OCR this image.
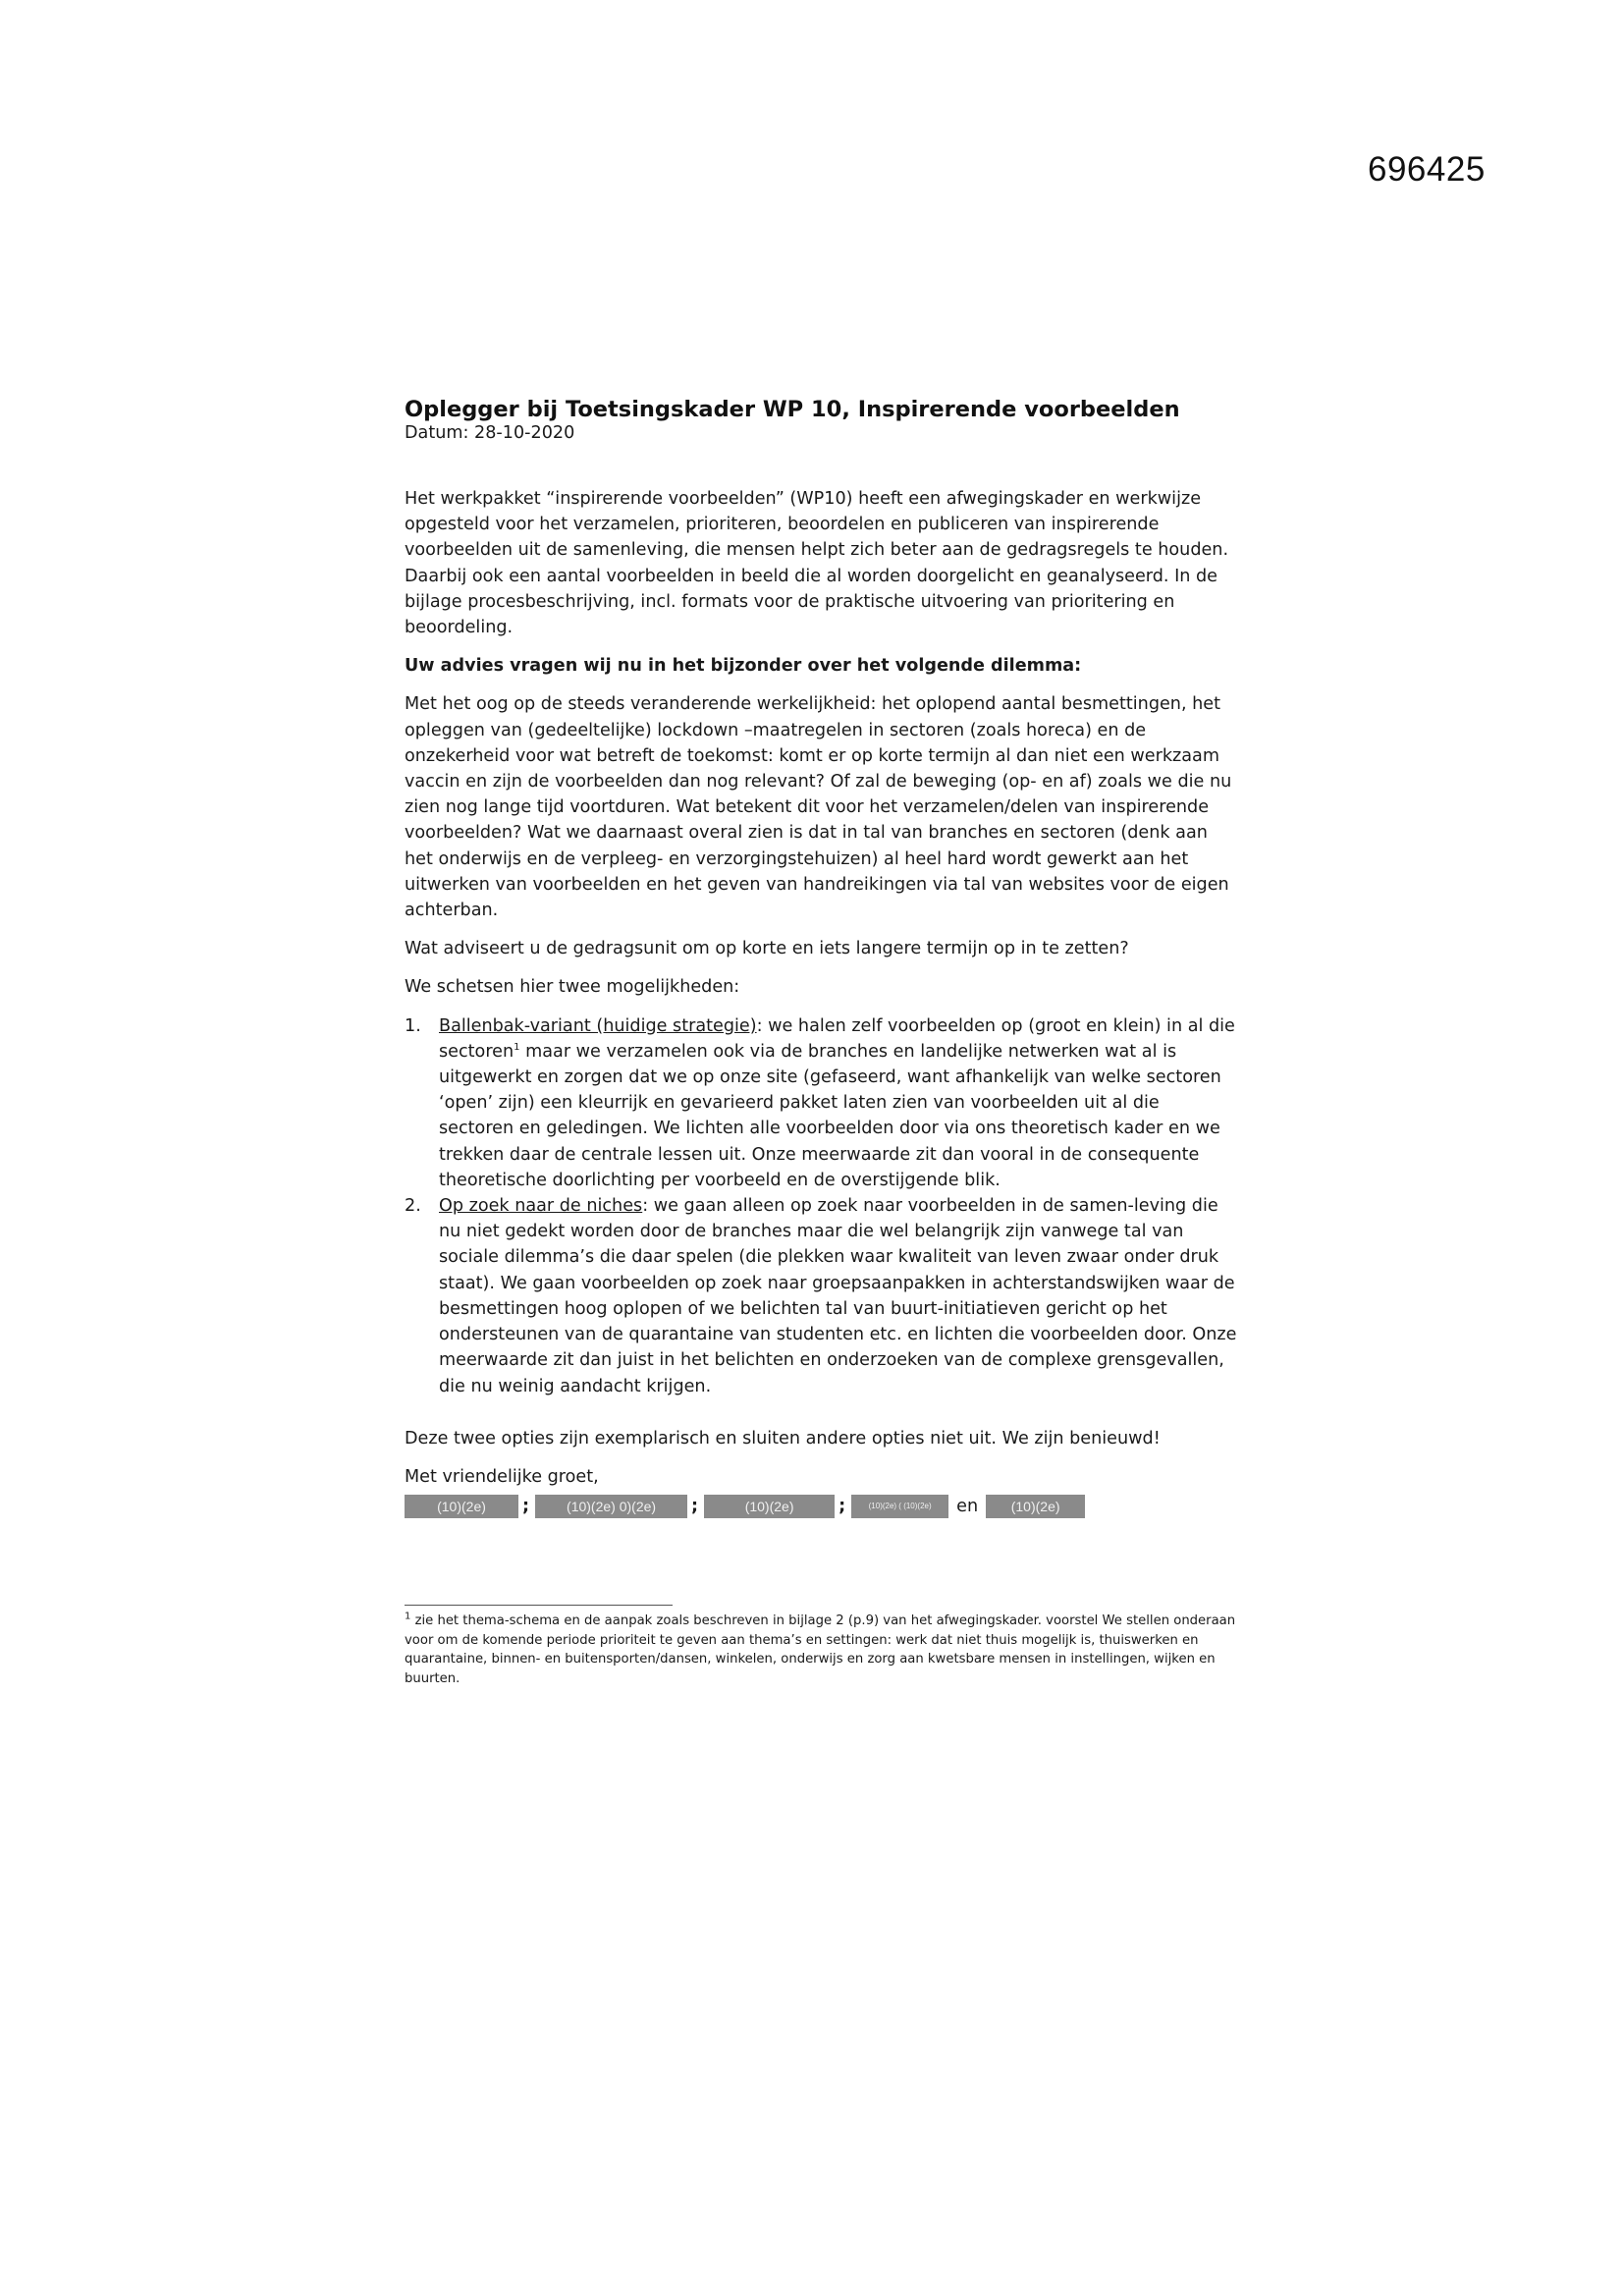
696425
Oplegger bij Toetsingskader WP 10, Inspirerende voorbeelden

Datum: 28-10-2020

Het werkpakket “inspirerende voorbeelden” (WP10) heeft een afwegingskader en werkwijze opgesteld voor het verzamelen, prioriteren, beoordelen en publiceren van inspirerende voorbeelden uit de samenleving, die mensen helpt zich beter aan de gedragsregels te houden. Daarbij ook een aantal voorbeelden in beeld die al worden doorgelicht en geanalyseerd. In de bijlage procesbeschrijving, incl. formats voor de praktische uitvoering van prioritering en beoordeling.

Uw advies vragen wij nu in het bijzonder over het volgende dilemma:

Met het oog op de steeds veranderende werkelijkheid: het oplopend aantal besmettingen, het opleggen van (gedeeltelijke) lockdown –maatregelen in sectoren (zoals horeca) en de onzekerheid voor wat betreft de toekomst: komt er op korte termijn al dan niet een werkzaam vaccin en zijn de voorbeelden dan nog relevant? Of zal de beweging (op- en af) zoals we die nu zien nog lange tijd voortduren. Wat betekent dit voor het verzamelen/delen van inspirerende voorbeelden? Wat we daarnaast overal zien is dat in tal van branches en sectoren (denk aan het onderwijs en de verpleeg- en verzorgingstehuizen) al heel hard wordt gewerkt aan het uitwerken van voorbeelden en het geven van handreikingen via tal van websites voor de eigen achterban.

Wat adviseert u de gedragsunit om op korte en iets langere termijn op in te zetten?

We schetsen hier twee mogelijkheden:

1. Ballenbak-variant (huidige strategie): we halen zelf voorbeelden op (groot en klein) in al die sectoren$^1$ maar we verzamelen ook via de branches en landelijke netwerken wat al is uitgewerkt en zorgen dat we op onze site (gefaseerd, want afhankelijk van welke sectoren ‘open’ zijn) een kleurrijk en gevarieerd pakket laten zien van voorbeelden uit al die sectoren en geledingen. We lichten alle voorbeelden door via ons theoretisch kader en we trekken daar de centrale lessen uit. Onze meerwaarde zit dan vooral in de consequente theoretische doorlichting per voorbeeld en de overstijgende blik.
2. Op zoek naar de niches: we gaan alleen op zoek naar voorbeelden in de samen-leving die nu niet gedekt worden door de branches maar die wel belangrijk zijn vanwege tal van sociale dilemma’s die daar spelen (die plekken waar kwaliteit van leven zwaar onder druk staat). We gaan voorbeelden op zoek naar groepsaanpakken in achterstandswijken waar de besmettingen hoog oplopen of we belichten tal van buurt-initiatieven gericht op het ondersteunen van de quarantaine van studenten etc. en lichten die voorbeelden door. Onze meerwaarde zit dan juist in het belichten en onderzoeken van de complexe grensgevallen, die nu weinig aandacht krijgen.

Deze twee opties zijn exemplarisch en sluiten andere opties niet uit. We zijn benieuwd!

Met vriendelijke groet,

(10)(2e)	;	(10)(2e) 0)(2e)	;	(10)(2e)	;	(10)(2e) ( (10)(2e)	en	(10)(2e)
$^1$ zie het thema-schema en de aanpak zoals beschreven in bijlage 2 (p.9) van het afwegingskader. voorstel We stellen onderaan voor om de komende periode prioriteit te geven aan thema’s en settingen: werk dat niet thuis mogelijk is, thuiswerken en quarantaine, binnen- en buitensporten/dansen, winkelen, onderwijs en zorg aan kwetsbare mensen in instellingen, wijken en buurten.
